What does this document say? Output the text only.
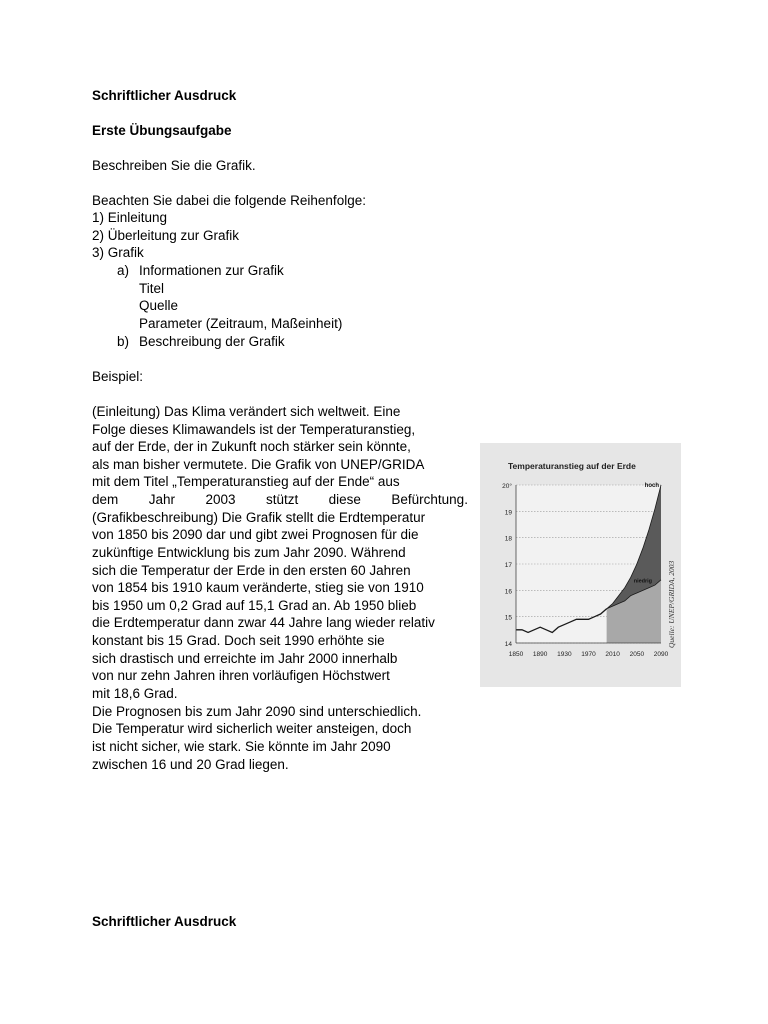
Schriftlicher Ausdruck
Erste Übungsaufgabe
Beschreiben Sie die Grafik.
Beachten Sie dabei die folgende Reihenfolge:
1) Einleitung
2) Überleitung zur Grafik
3) Grafik
a) Informationen zur Grafik
Titel
Quelle
Parameter (Zeitraum, Maßeinheit)
b) Beschreibung der Grafik
Beispiel:
(Einleitung) Das Klima verändert sich weltweit. Eine
Folge dieses Klimawandels ist der Temperaturanstieg,
auf der Erde, der in Zukunft noch stärker sein könnte,
als man bisher vermutete. Die Grafik von UNEP/GRIDA
mit dem Titel „Temperaturanstieg auf der Ende“ aus
dem Jahr 2003 stützt diese Befürchtung.
(Grafikbeschreibung) Die Grafik stellt die Erdtemperatur
von 1850 bis 2090 dar und gibt zwei Prognosen für die
zukünftige Entwicklung bis zum Jahr 2090. Während
sich die Temperatur der Erde in den ersten 60 Jahren
von 1854 bis 1910 kaum veränderte, stieg sie von 1910
bis 1950 um 0,2 Grad auf 15,1 Grad an. Ab 1950 blieb
die Erdtemperatur dann zwar 44 Jahre lang wieder relativ
konstant bis 15 Grad. Doch seit 1990 erhöhte sie
sich drastisch und erreichte im Jahr 2000 innerhalb
von nur zehn Jahren ihren vorläufigen Höchstwert
mit 18,6 Grad.
Die Prognosen bis zum Jahr 2090 sind unterschiedlich.
Die Temperatur wird sicherlich weiter ansteigen, doch
ist nicht sicher, wie stark. Sie könnte im Jahr 2090
zwischen 16 und 20 Grad liegen.
Schriftlicher Ausdruck
Temperaturanstieg auf der Erde
14
15
16
17
18
19
20°
1850 1890 1930 1970 2010 2050 2090
hoch
niedrig Quelle: UNEP/GRIDA, 2003
